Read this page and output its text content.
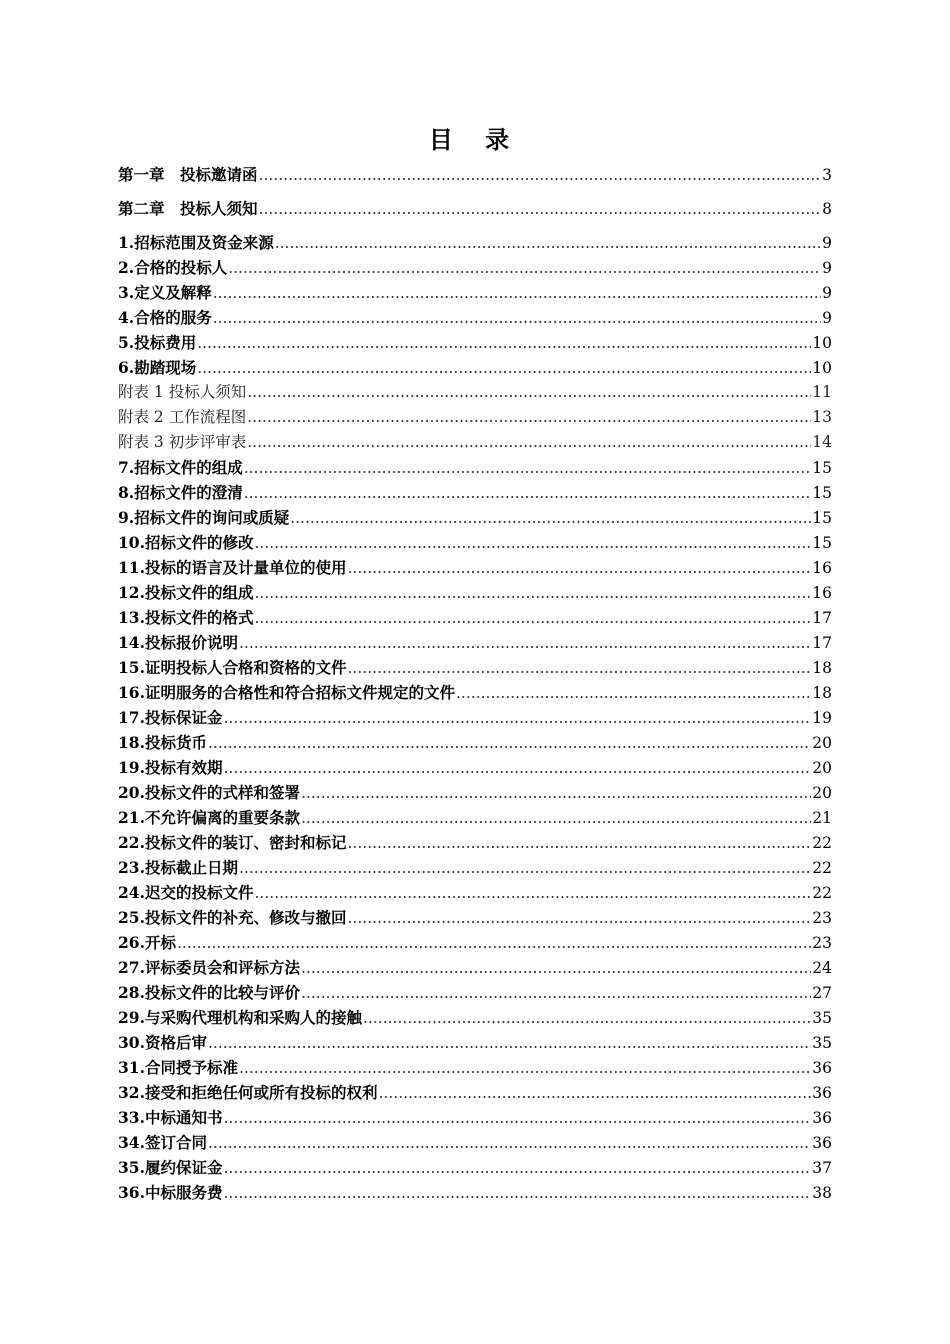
目 录
第一章　投标邀请函 .....	3
第二章　投标人须知 .....	8
1. 招标范围及资金来源 .....	9
2. 合格的投标人 .....	9
3. 定义及解释 .....	9
4. 合格的服务 .....	9
5. 投标费用 .....	10
6. 勘踏现场 .....	10
附表 1 投标人须知 .....	11
附表 2 工作流程图 .....	13
附表 3 初步评审表 .....	14
7. 招标文件的组成 .....	15
8. 招标文件的澄清 .....	15
9. 招标文件的询问或质疑 .....	15
10. 招标文件的修改 .....	15
11. 投标的语言及计量单位的使用 .....	16
12. 投标文件的组成 .....	16
13. 投标文件的格式 .....	17
14. 投标报价说明 .....	17
15. 证明投标人合格和资格的文件 .....	18
16. 证明服务的合格性和符合招标文件规定的文件 .....	18
17. 投标保证金 .....	19
18. 投标货币 .....	20
19. 投标有效期 .....	20
20. 投标文件的式样和签署 .....	20
21. 不允许偏离的重要条款 .....	21
22. 投标文件的装订、密封和标记 .....	22
23. 投标截止日期 .....	22
24. 迟交的投标文件 .....	22
25. 投标文件的补充、修改与撤回 .....	23
26. 开标 .....	23
27. 评标委员会和评标方法 .....	24
28. 投标文件的比较与评价 .....	27
29. 与采购代理机构和采购人的接触 .....	35
30. 资格后审 .....	35
31. 合同授予标准 .....	36
32. 接受和拒绝任何或所有投标的权利 .....	36
33. 中标通知书 .....	36
34. 签订合同 .....	36
35. 履约保证金 .....	37
36. 中标服务费 .....	38
